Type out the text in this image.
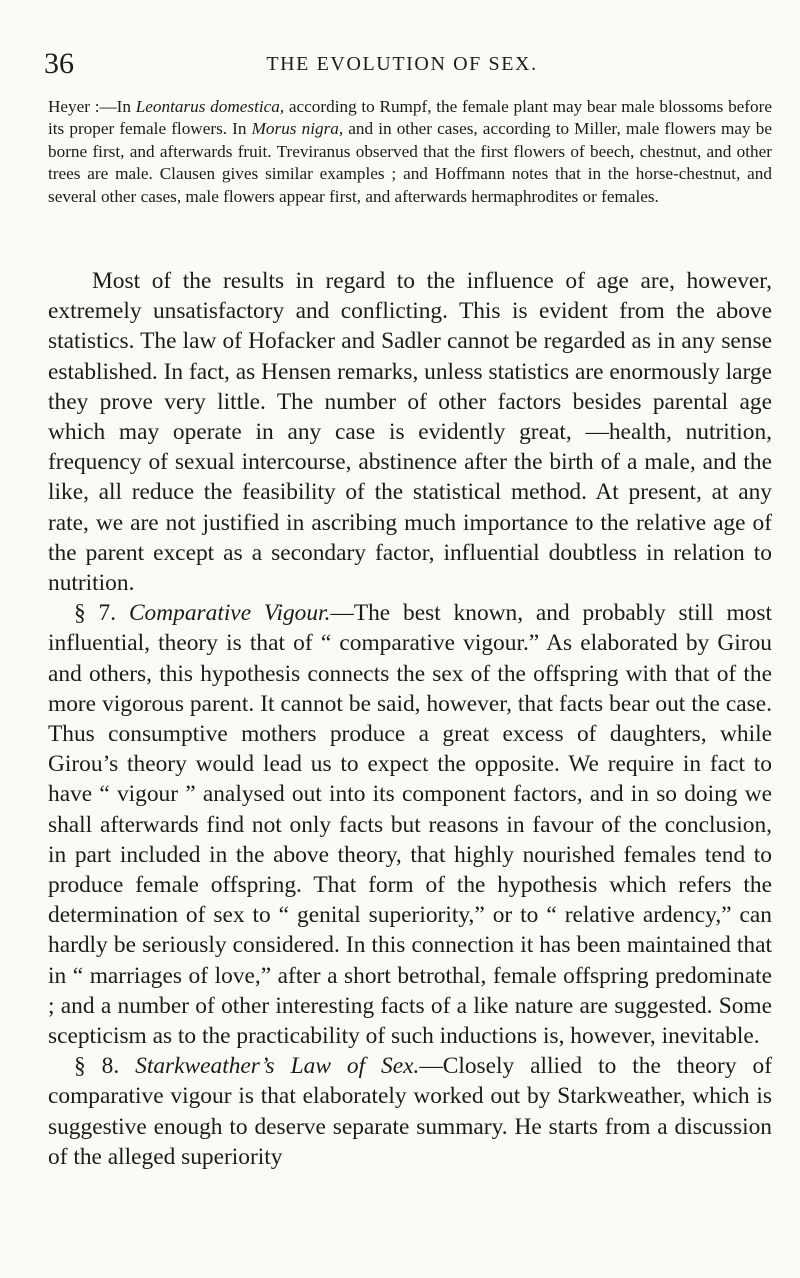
36	THE EVOLUTION OF SEX.

Heyer :—In Leontarus domestica, according to Rumpf, the female plant may bear male blossoms before its proper female flowers. In Morus nigra, and in other cases, according to Miller, male flowers may be borne first, and afterwards fruit. Treviranus observed that the first flowers of beech, chestnut, and other trees are male. Clausen gives similar examples ; and Hoffmann notes that in the horse-chestnut, and several other cases, male flowers appear first, and afterwards hermaphrodites or females.

Most of the results in regard to the influence of age are, however, extremely unsatisfactory and conflicting. This is evident from the above statistics. The law of Hofacker and Sadler cannot be regarded as in any sense established. In fact, as Hensen remarks, unless statistics are enormously large they prove very little. The number of other factors besides parental age which may operate in any case is evidently great, —health, nutrition, frequency of sexual intercourse, abstinence after the birth of a male, and the like, all reduce the feasibility of the statistical method. At present, at any rate, we are not justified in ascribing much importance to the relative age of the parent except as a secondary factor, influential doubtless in relation to nutrition.

§ 7. Comparative Vigour.—The best known, and probably still most influential, theory is that of “ comparative vigour.” As elaborated by Girou and others, this hypothesis connects the sex of the offspring with that of the more vigorous parent. It cannot be said, however, that facts bear out the case. Thus consumptive mothers produce a great excess of daughters, while Girou’s theory would lead us to expect the opposite. We require in fact to have “ vigour ” analysed out into its component factors, and in so doing we shall afterwards find not only facts but reasons in favour of the conclusion, in part included in the above theory, that highly nourished females tend to produce female offspring. That form of the hypothesis which refers the determination of sex to “ genital superiority,” or to “ relative ardency,” can hardly be seriously considered. In this connection it has been maintained that in “ marriages of love,” after a short betrothal, female offspring predominate ; and a number of other interesting facts of a like nature are suggested. Some scepticism as to the practicability of such inductions is, however, inevitable.

§ 8. Starkweather’s Law of Sex.—Closely allied to the theory of comparative vigour is that elaborately worked out by Starkweather, which is suggestive enough to deserve separate summary. He starts from a discussion of the alleged superiority
